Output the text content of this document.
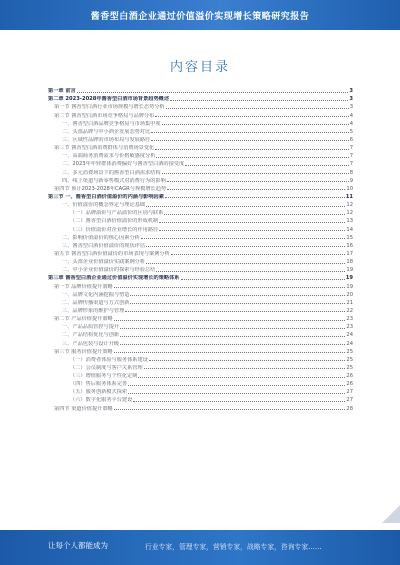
酱香型白酒企业通过价值溢价实现增长策略研究报告
内容目录
第一章 前言	3
第二章 2023-2028年酱香型白酒市场背景趋势概述	3
第一节 酱香型白酒行业市场规模与增长态势分析	3
第二节 酱香型白酒市场竞争格局与品牌分布	4
一、酱香型白酒品牌竞争格局与市场集中度	4
二、头部品牌与中小酒企发展态势对比	5
三、区域性品牌的市场布局与发展路径	6
第三节 酱香型白酒消费群体与消费场景变化	7
一、高端商务消费需求与价格敏感度分析	7
二、2023年年轻群体消费偏好与酱香型白酒的接受度	7
三、多元消费场景下的酱香型白酒需求结构	8
四、线上渠道与新零售模式对消费行为的影响	9
第四节 预计2023-2028年CAGR与规模增长趋势	10
第三节 一、酱香型白酒价值溢价的内涵与影响因素	11
一、价值溢价的概念界定与理论基础	12
（一）品牌溢价与产品溢价的区别与联系	12
（二）酱香型白酒价值溢价的形成机制	13
（三）价值溢价对企业增长的作用路径	14
二、影响价值溢价的核心因素分析	15
三、酱香型白酒价值溢价的现状评估	16
第五节 酱香型白酒价值溢价的市场表现与案例分析	17
一、头部企业价值溢价实践案例分析	18
二、中小企业价值溢价的探索与经验总结	19
第三章 酱香型白酒企业通过价值溢价实现增长的策略体系	19
第一节 品牌价值提升策略	19
一、品牌文化内涵挖掘与塑造	20
二、品牌传播渠道与方式创新	21
三、品牌形象的维护与管理	22
第二节 产品价值提升策略	23
一、产品品质管控与提升	23
二、产品结构优化与创新	24
三、产品包装与设计升级	24
第三节 服务价值提升策略	25
（一）消费者体验与服务体系建设	25
（二）会员制度与客户关系管理	25
（三）增值服务与个性化定制	26
（四）售后服务体系完善	26
（五）服务创新模式探索	27
（六）数字化服务平台建设	27
第四节 渠道价值提升策略	28
让每个人都能成为	行业专家，管理专家，营销专家，战略专家，咨询专家……
